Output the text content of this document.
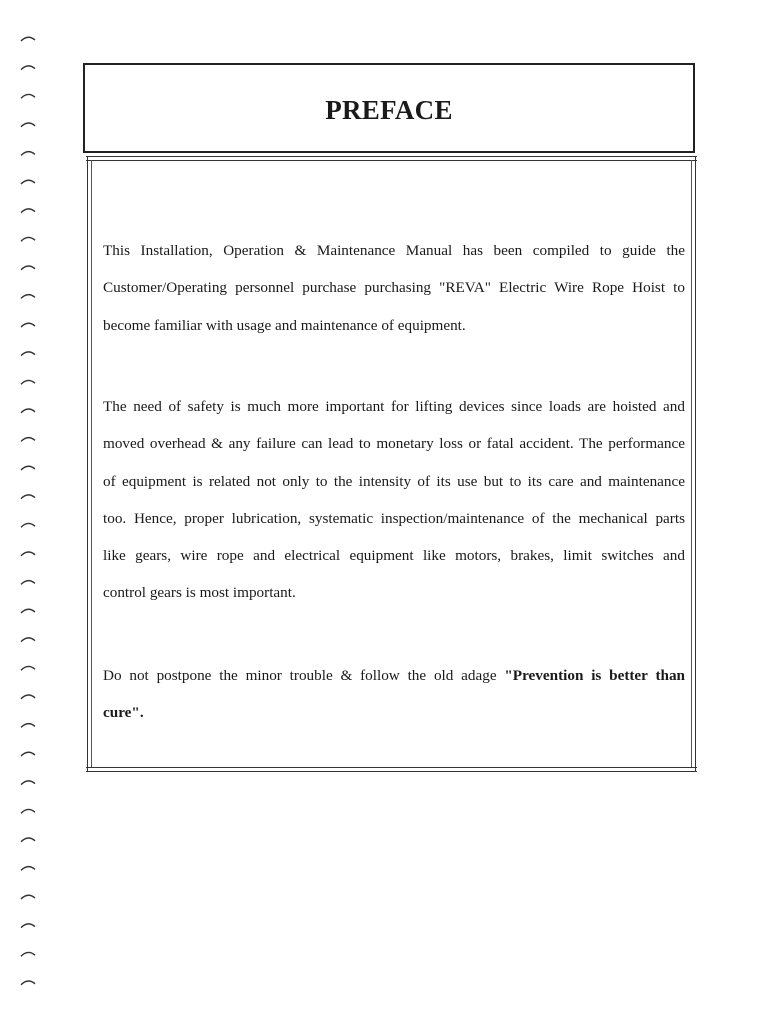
PREFACE
This Installation, Operation & Maintenance Manual has been compiled to guide the
Customer/Operating personnel purchase purchasing "REVA" Electric Wire Rope Hoist to
become familiar with usage and maintenance of equipment.
The need of safety is much more important for lifting devices since loads are hoisted and
moved overhead & any failure can lead to monetary loss or fatal accident. The performance
of equipment is related not only to the intensity of its use but to its care and maintenance
too. Hence, proper lubrication, systematic inspection/maintenance of the mechanical parts
like gears, wire rope and electrical equipment like motors, brakes, limit switches and
control gears is most important.
Do not postpone the minor trouble & follow the old adage "Prevention is better than
cure".
